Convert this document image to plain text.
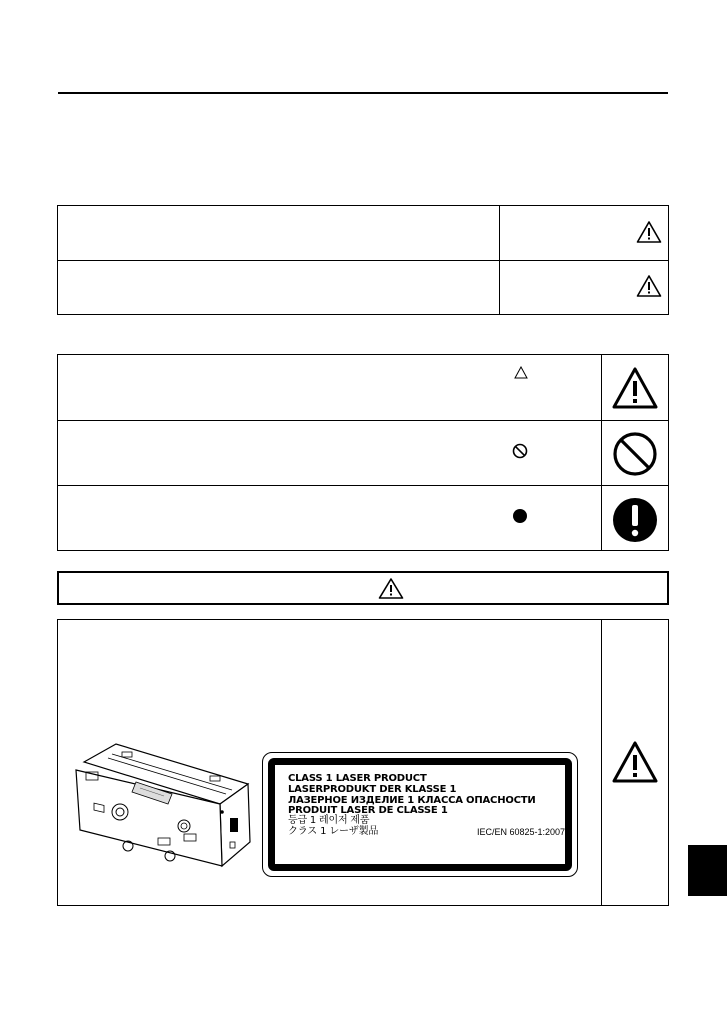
CLASS 1 LASER PRODUCT
LASERPRODUKT DER KLASSE 1
ЛАЗЕРНОЕ ИЗДЕЛИЕ 1 КЛАССА ОПАСНОСТИ
PRODUIT LASER DE CLASSE 1
등급 1 레이저 제품
クラス 1 レーザ製品	IEC/EN 60825-1:2007
